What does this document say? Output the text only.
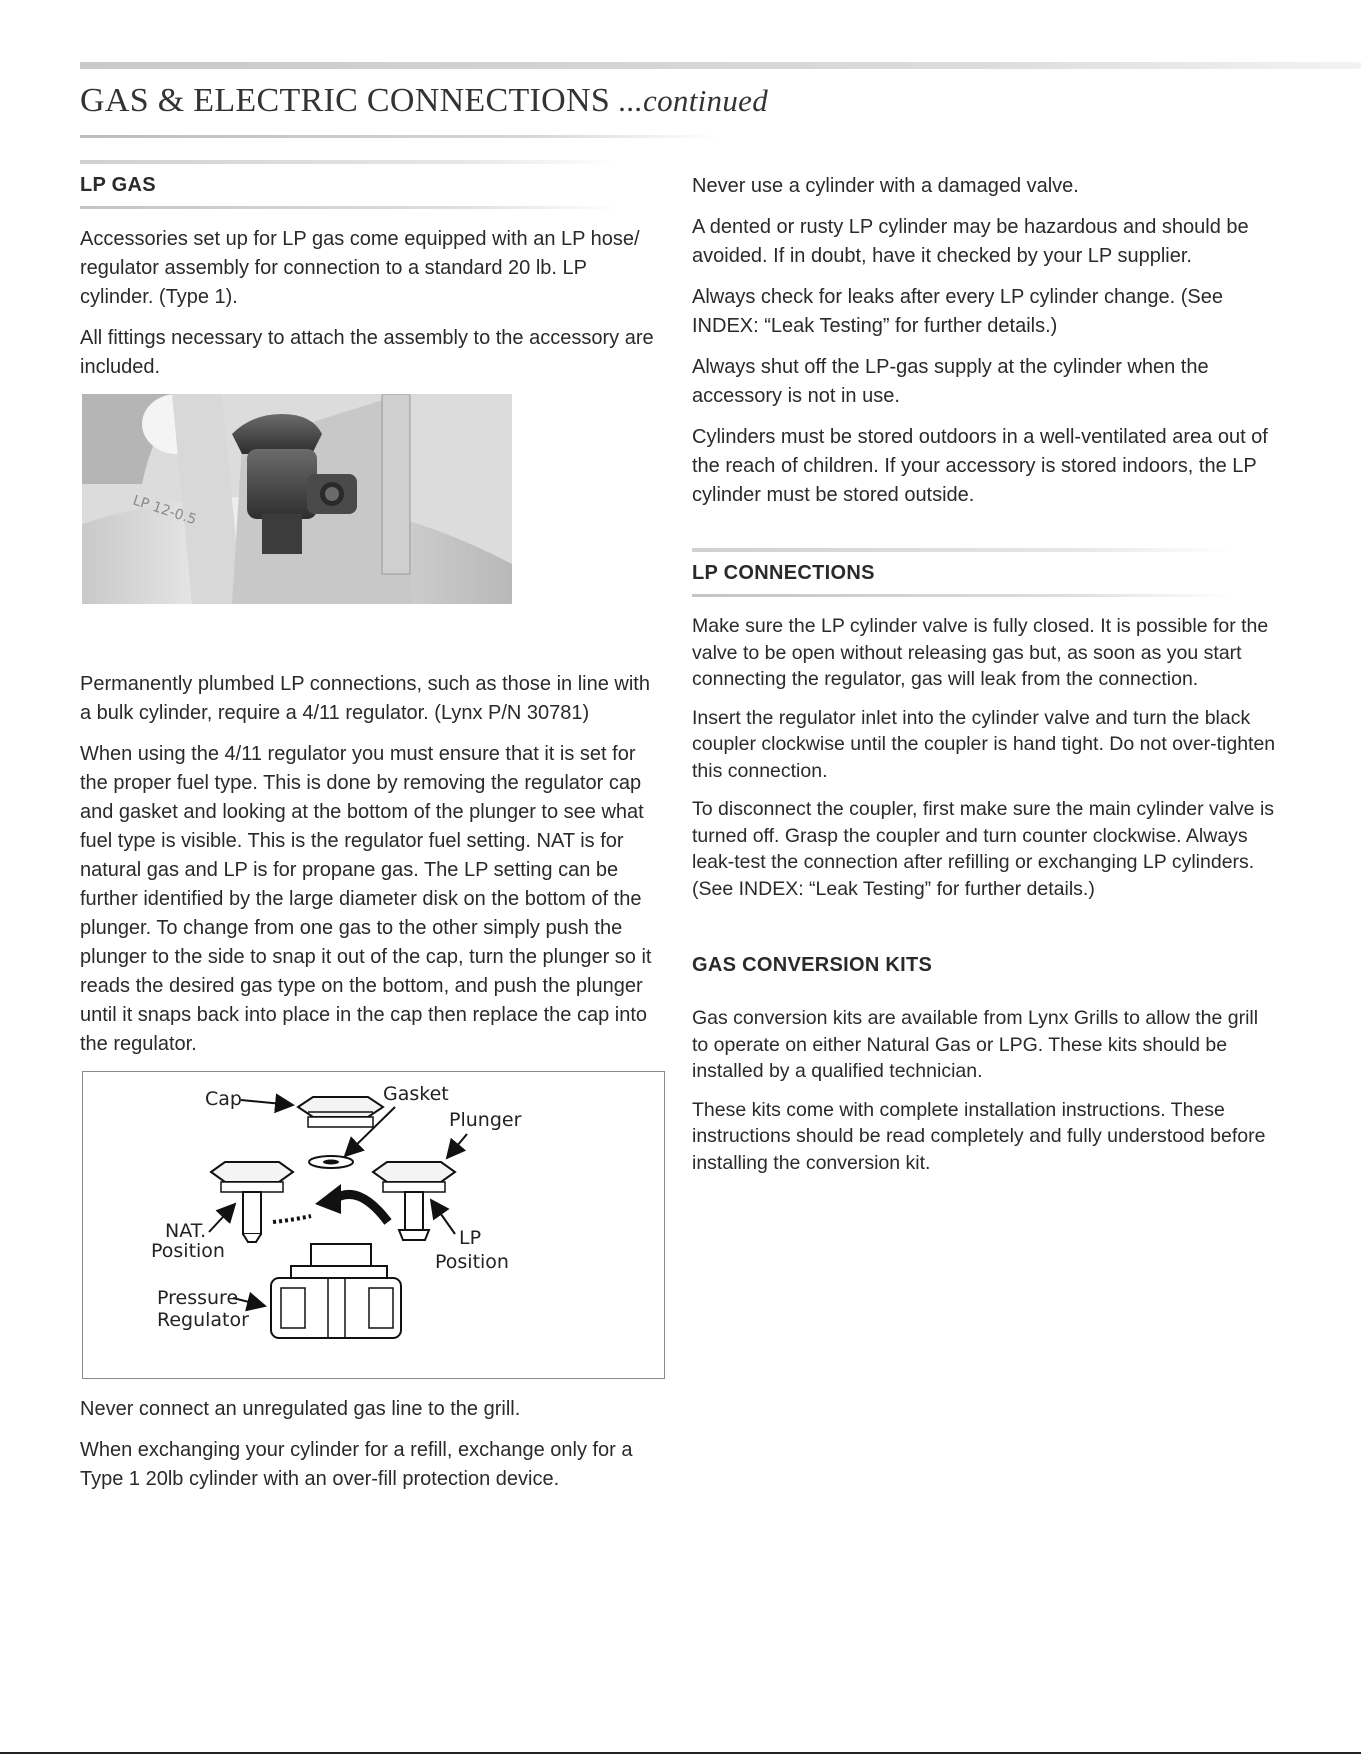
GAS & ELECTRIC CONNECTIONS ...continued
LP GAS

Accessories set up for LP gas come equipped with an LP hose/ regulator assembly for connection to a standard 20 lb. LP cylinder. (Type 1).

All fittings necessary to attach the assembly to the accessory are included.

LP 12-0.5

Permanently plumbed LP connections, such as those in line with a bulk cylinder, require a 4/11 regulator. (Lynx P/N 30781)

When using the 4/11 regulator you must ensure that it is set for the proper fuel type. This is done by removing the regulator cap and gasket and looking at the bottom of the plunger to see what fuel type is visible. This is the regulator fuel setting. NAT is for natural gas and LP is for propane gas. The LP setting can be further identified by the large diameter disk on the bottom of the plunger. To change from one gas to the other simply push the plunger to the side to snap it out of the cap, turn the plunger so it reads the desired gas type on the bottom, and push the plunger until it snaps back into place in the cap then replace the cap into the regulator.

Cap	Gasket
Plunger
NAT.
Position
LP
Position
Pressure
Regulator

Never connect an unregulated gas line to the grill.

When exchanging your cylinder for a refill, exchange only for a Type 1 20lb cylinder with an over-fill protection device.

Never use a cylinder with a damaged valve.

A dented or rusty LP cylinder may be hazardous and should be avoided. If in doubt, have it checked by your LP supplier.

Always check for leaks after every LP cylinder change. (See INDEX: “Leak Testing” for further details.)

Always shut off the LP-gas supply at the cylinder when the accessory is not in use.

Cylinders must be stored outdoors in a well-ventilated area out of the reach of children. If your accessory is stored indoors, the LP cylinder must be stored outside.

LP CONNECTIONS

Make sure the LP cylinder valve is fully closed. It is possible for the valve to be open without releasing gas but, as soon as you start connecting the regulator, gas will leak from the connection.

Insert the regulator inlet into the cylinder valve and turn the black coupler clockwise until the coupler is hand tight. Do not over-tighten this connection.

To disconnect the coupler, first make sure the main cylinder valve is turned off. Grasp the coupler and turn counter clockwise. Always leak-test the connection after refilling or exchanging LP cylinders. (See INDEX: “Leak Testing” for further details.)

GAS CONVERSION KITS

Gas conversion kits are available from Lynx Grills to allow the grill to operate on either Natural Gas or LPG. These kits should be installed by a qualified technician.

These kits come with complete installation instructions. These instructions should be read completely and fully understood before installing the conversion kit.
